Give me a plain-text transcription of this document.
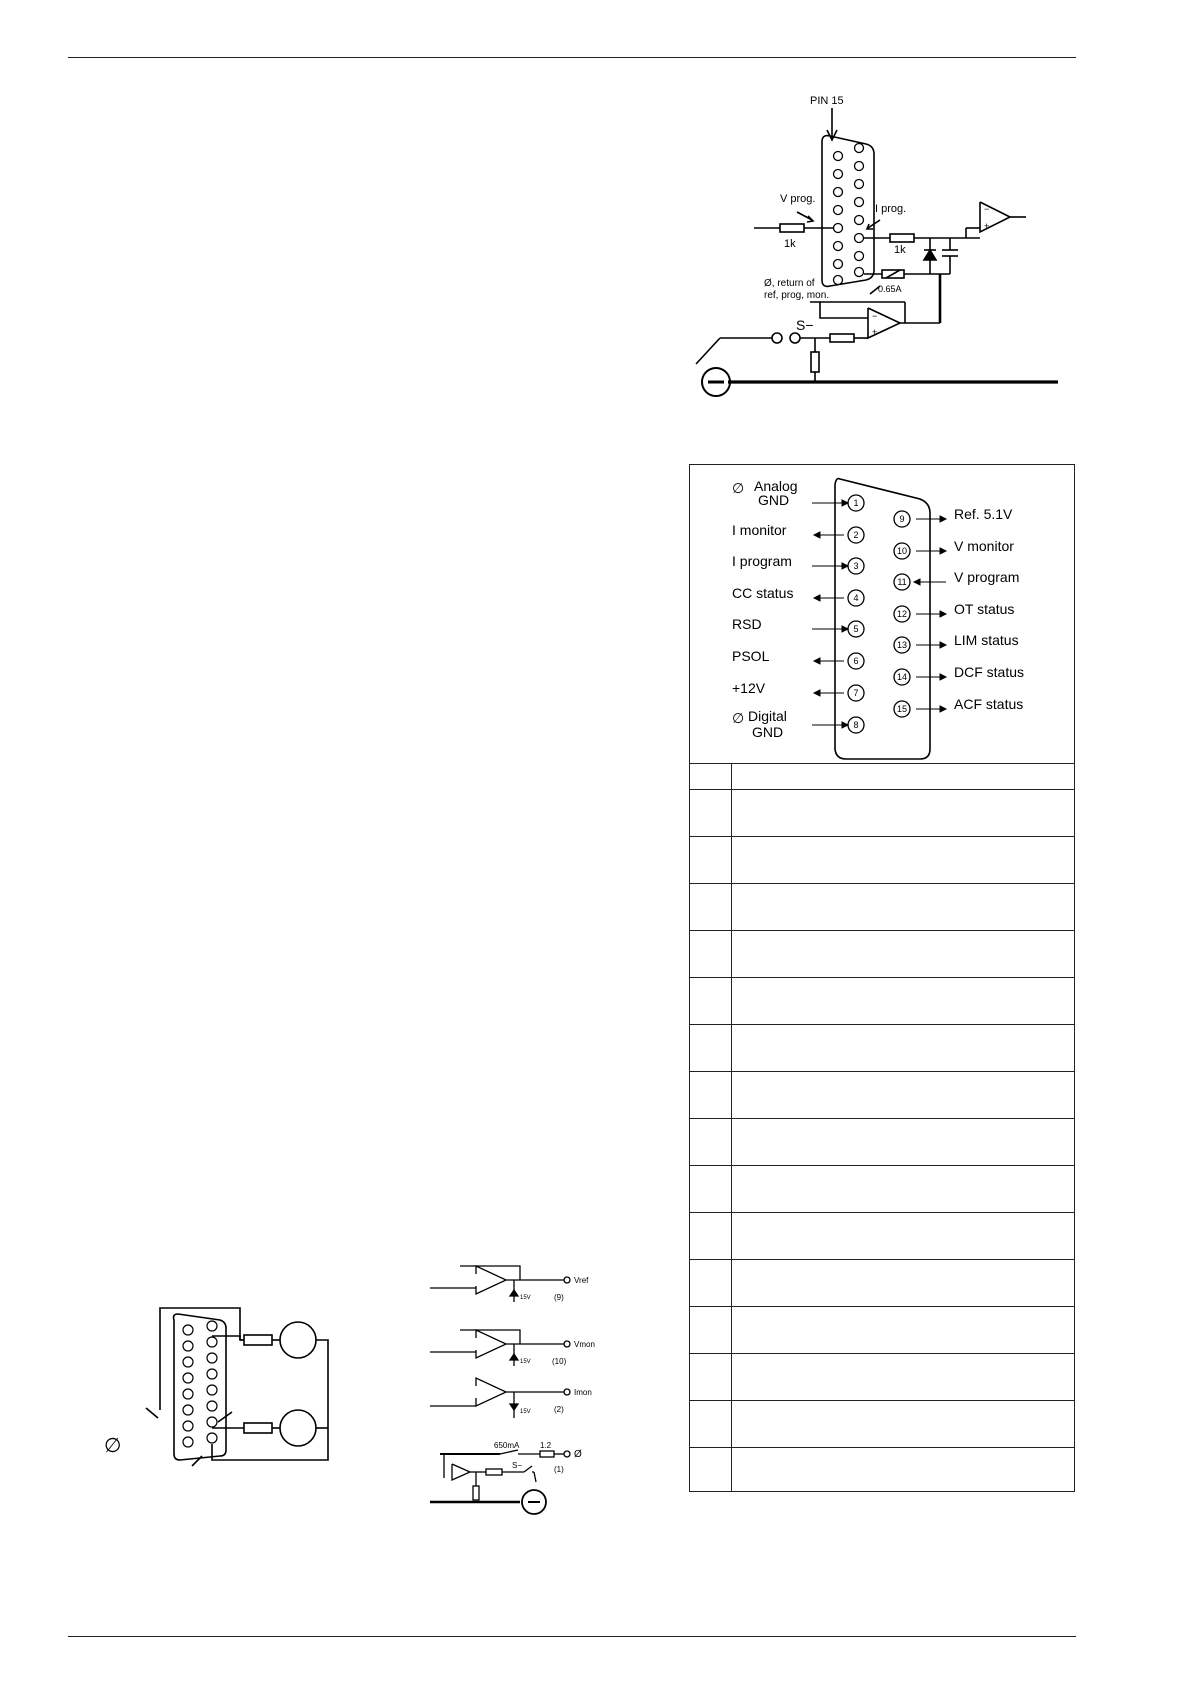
PIN 15
V prog.
I prog.
1k	1k
0.65A
Ø, return of
ref, prog, mon.
S−
−
+
−
+
1
2
3
4
5
6
7
8
9
10
11
12
13
14
15
∅ Analog
GND
I monitor
I program
CC status
RSD
PSOL
+12V
∅ Digital
GND
Ref. 5.1V
V monitor
V program
OT status
LIM status
DCF status
ACF status
∅
Vref
(9)
15V
Vmon
(10)
15V
Imon
(2)
15V
650mA	1.2
Ø
(1)
S−
